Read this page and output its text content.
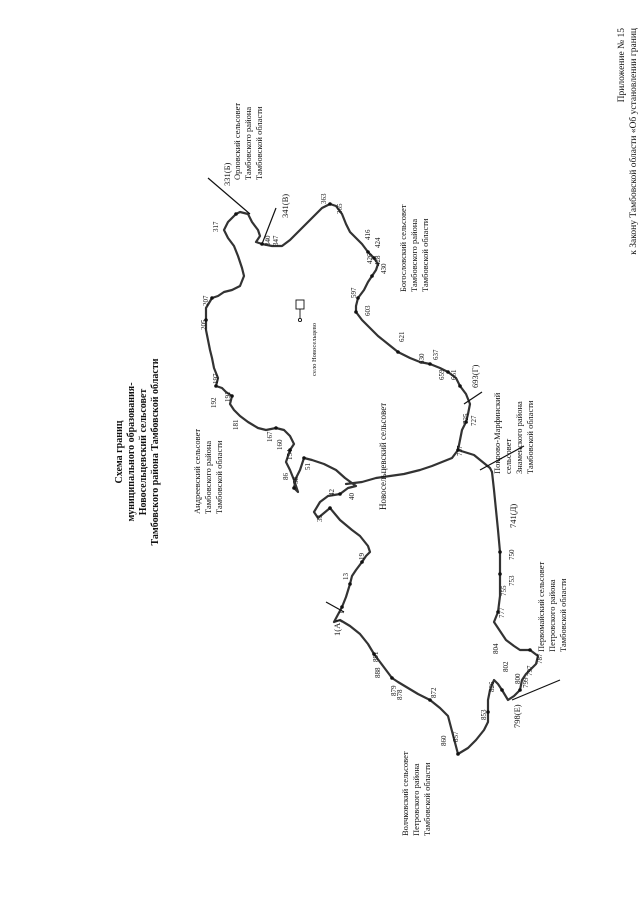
село Новосельцево
Новосельцевский сельсовет
Приложение № 15 к Закону Тамбовской области «Об установлении границ
Схема границ муниципального образования- Новосельцевский сельсовет Тамбовского района Тамбовской области	Андреевский сельсовет Тамбовского района Тамбовской области
Орловский сельсовет Тамбовского района Тамбовской области
Богословский сельсовет Тамбовского района Тамбовской области
Покрово-Марфинский сельсовет Знаменского района Тамбовской области
Первомайский сельсовет Петровского района Тамбовской области
Волчковский сельсовет Петровского района Тамбовской области
1(А)
331(Б)
341(В)
693(Г)
741(Д)
798(Е)
1
13
19
33
40
42
51
58
86
154
160
167
181
191
192
197
205
207
317
340 347
363
365
416
424
426 428
430
597
603
621
630 637
659 661
725 727
737
750
753
755
777
787
797
799
800
802
804
826
853
857
860
872
878
879
888
891
